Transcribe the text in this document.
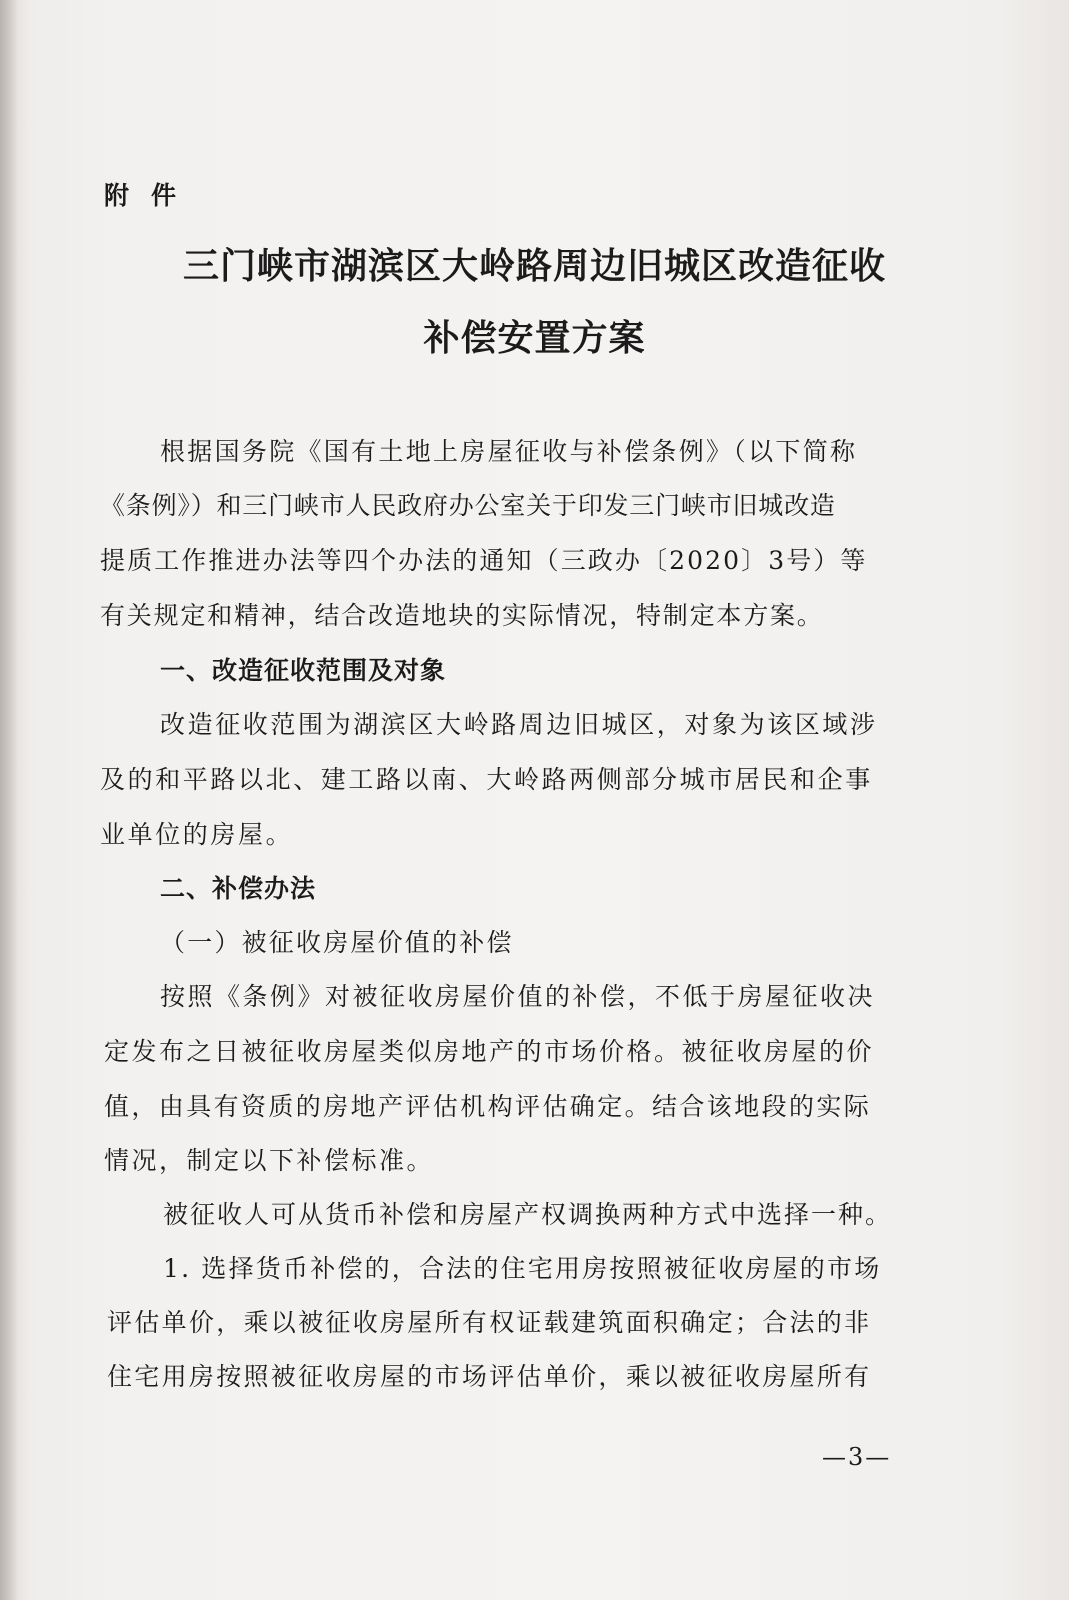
附件
三门峡市湖滨区大岭路周边旧城区改造征收
补偿安置方案
根据国务院《国有土地上房屋征收与补偿条例》（以下简称
《条例》）和三门峡市人民政府办公室关于印发三门峡市旧城改造
提质工作推进办法等四个办法的通知（三政办〔2020〕3号）等
有关规定和精神，结合改造地块的实际情况，特制定本方案。
一、改造征收范围及对象
改造征收范围为湖滨区大岭路周边旧城区，对象为该区域涉
及的和平路以北、建工路以南、大岭路两侧部分城市居民和企事
业单位的房屋。
二、补偿办法
（一）被征收房屋价值的补偿
按照《条例》对被征收房屋价值的补偿，不低于房屋征收决
定发布之日被征收房屋类似房地产的市场价格。被征收房屋的价
值，由具有资质的房地产评估机构评估确定。结合该地段的实际
情况，制定以下补偿标准。
被征收人可从货币补偿和房屋产权调换两种方式中选择一种。
1. 选择货币补偿的，合法的住宅用房按照被征收房屋的市场
评估单价，乘以被征收房屋所有权证载建筑面积确定；合法的非
住宅用房按照被征收房屋的市场评估单价，乘以被征收房屋所有
—3—
